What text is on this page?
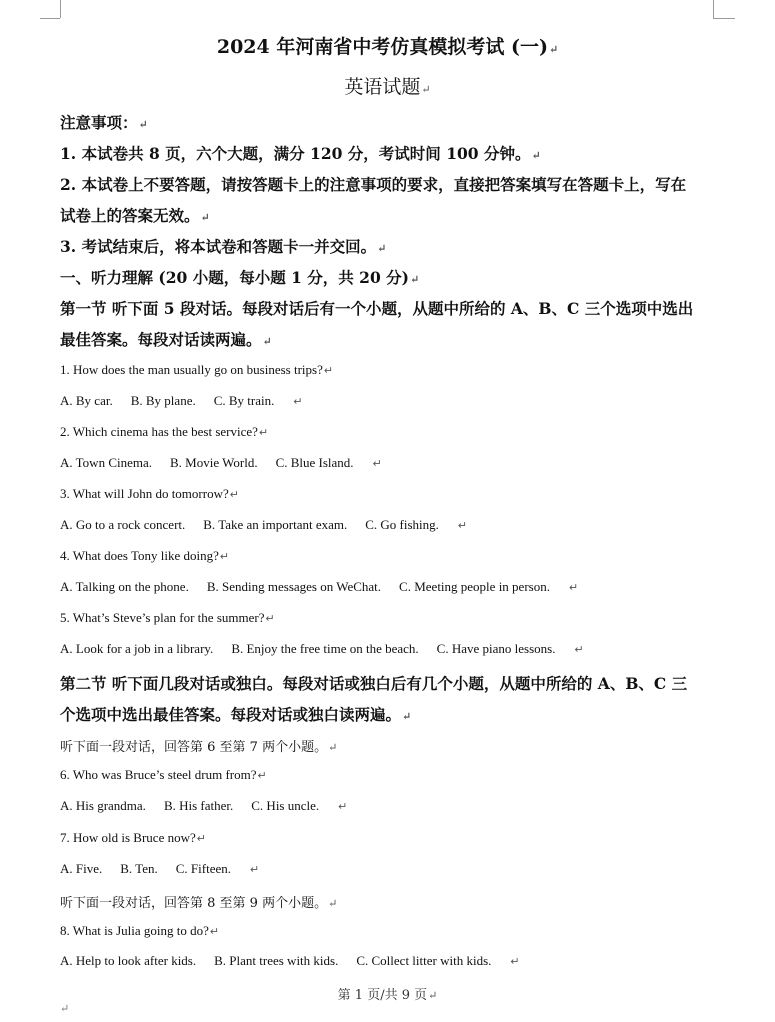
2024 年河南省中考仿真模拟考试 (一)↵
英语试题↵
注意事项：↵
1. 本试卷共 8 页，六个大题，满分 120 分，考试时间 100 分钟。↵
2. 本试卷上不要答题，请按答题卡上的注意事项的要求，直接把答案填写在答题卡上，写在
试卷上的答案无效。↵
3. 考试结束后，将本试卷和答题卡一并交回。↵
一、听力理解 (20 小题，每小题 1 分，共 20 分)↵
第一节 听下面 5 段对话。每段对话后有一个小题，从题中所给的 A、B、C 三个选项中选出
最佳答案。每段对话读两遍。↵
1. How does the man usually go on business trips?↵
A. By car. B. By plane. C. By train. ↵
2. Which cinema has the best service?↵
A. Town Cinema. B. Movie World. C. Blue Island. ↵
3. What will John do tomorrow?↵
A. Go to a rock concert. B. Take an important exam. C. Go fishing. ↵
4. What does Tony like doing?↵
A. Talking on the phone. B. Sending messages on WeChat. C. Meeting people in person. ↵
5. What’s Steve’s plan for the summer?↵
A. Look for a job in a library. B. Enjoy the free time on the beach. C. Have piano lessons. ↵
第二节 听下面几段对话或独白。每段对话或独白后有几个小题，从题中所给的 A、B、C 三
个选项中选出最佳答案。每段对话或独白读两遍。↵
听下面一段对话，回答第 6 至第 7 两个小题。↵
6. Who was Bruce’s steel drum from?↵
A. His grandma. B. His father. C. His uncle. ↵
7. How old is Bruce now?↵
A. Five. B. Ten. C. Fifteen. ↵
听下面一段对话，回答第 8 至第 9 两个小题。↵
8. What is Julia going to do?↵
A. Help to look after kids. B. Plant trees with kids. C. Collect litter with kids. ↵
第 1 页/共 9 页↵
↵
